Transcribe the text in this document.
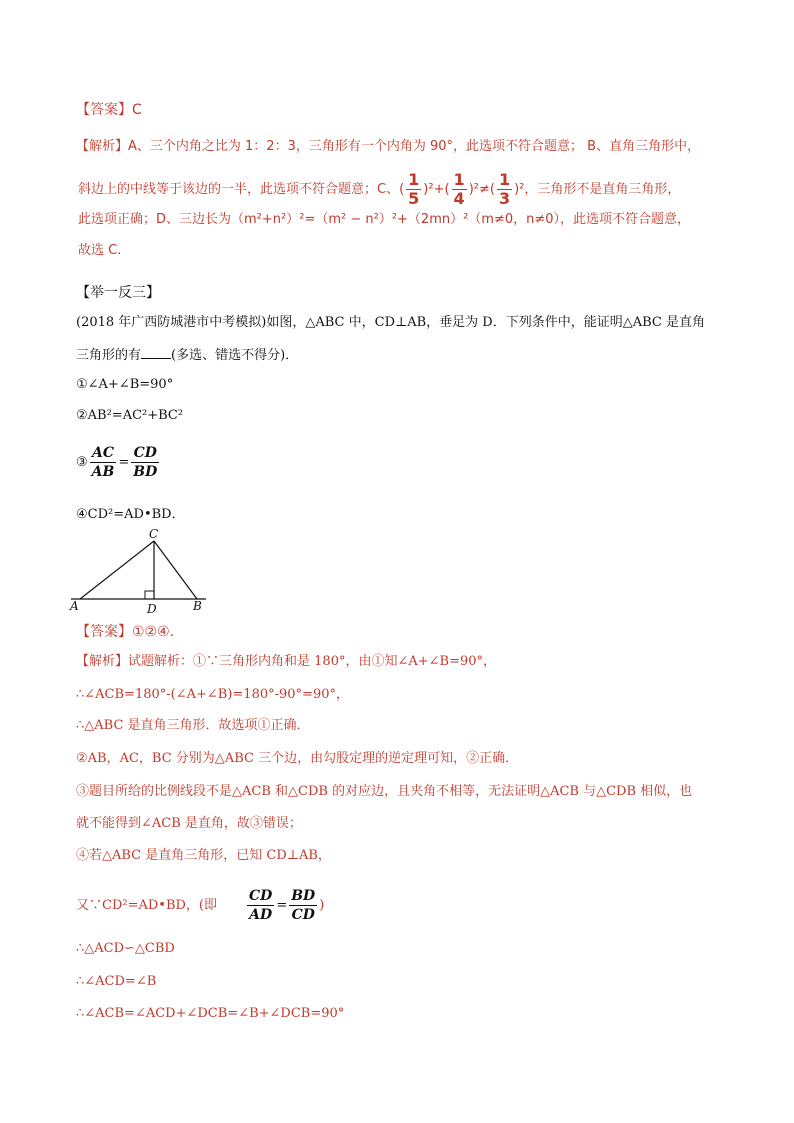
【答案】C
【解析】A、三个内角之比为 1：2：3，三角形有一个内角为 90°，此选项不符合题意； B、直角三角形中，
斜边上的中线等于该边的一半，此选项不符合题意；C、( $\frac{1}{5} )^2+( \frac{1}{4} )^2\ne( \frac{1}{3} )^2$，三角形不是直角三角形，
此选项正确；D、三边长为（m²+n²）²=（m² − n²）²+（2mn）²（m≠0，n≠0），此选项不符合题意，
故选 C.
【举一反三】
(2018 年广西防城港市中考模拟)如图，△ABC 中，CD⊥AB，垂足为 D．下列条件中，能证明△ABC 是直角
三角形的有 (多选、错选不得分)．
①∠A+∠B=90°
②AB²=AC²+BC²
③ $\frac{AC}{AB} = \frac{CD}{BD}$
④CD²=AD•BD．
C
A	D	B
【答案】①②④.
【解析】试题解析：①∵三角形内角和是 180°，由①知∠A+∠B=90°，
∴∠ACB=180°-(∠A+∠B)=180°-90°=90°，
∴△ABC 是直角三角形．故选项①正确．
②AB，AC，BC 分别为△ABC 三个边，由勾股定理的逆定理可知，②正确．
③题目所给的比例线段不是△ACB 和△CDB 的对应边，且夹角不相等，无法证明△ACB 与△CDB 相似，也
就不能得到∠ACB 是直角，故③错误；
④若△ABC 是直角三角形，已知 CD⊥AB，
又∵CD²=AD•BD，(即 $\frac{CD}{AD} = \frac{BD}{CD}$ )
∴△ACD∽△CBD
∴∠ACD=∠B
∴∠ACB=∠ACD+∠DCB=∠B+∠DCB=90°
